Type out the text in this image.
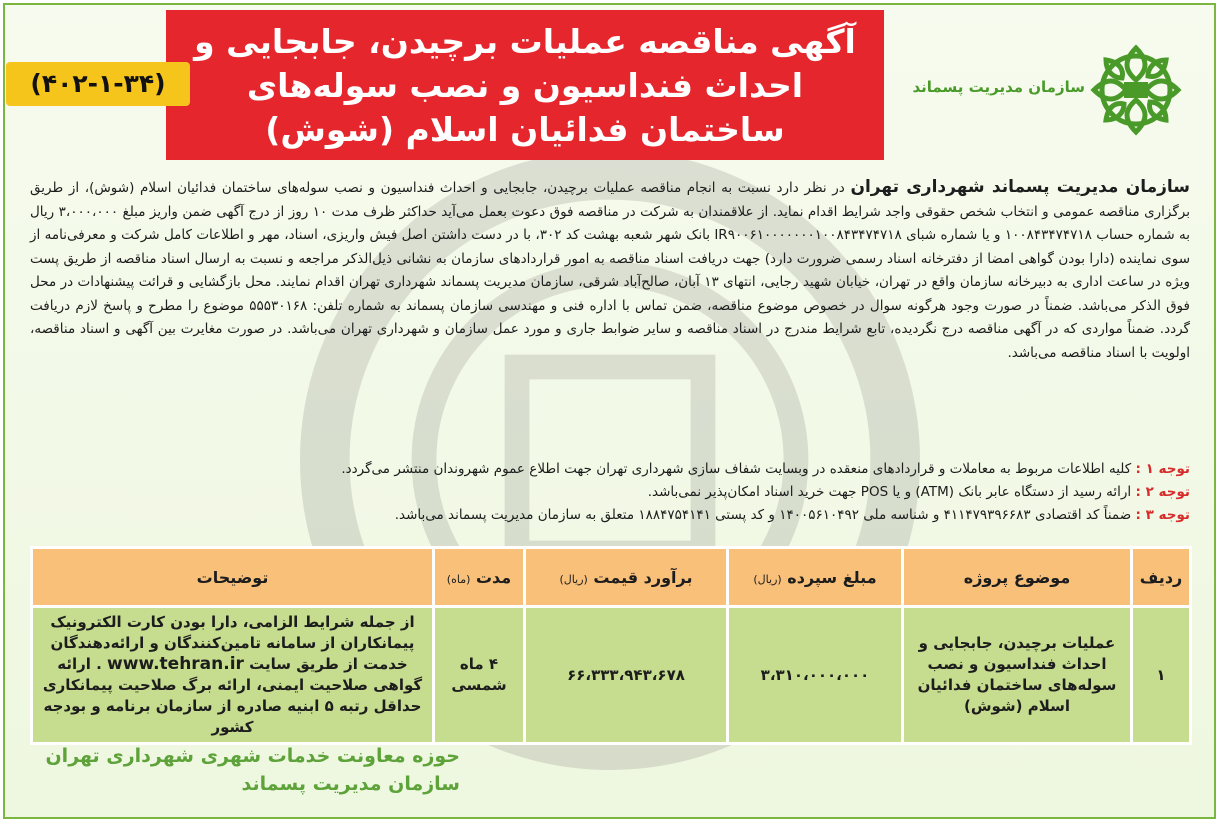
آگهی مناقصه عملیات برچیدن، جابجایی و
احداث فنداسیون و نصب سوله‌های
ساختمان فدائیان اسلام (شوش)
(۴۰۲-۱-۳۴)	سازمان مدیریت پسماند
سازمان مدیریت پسماند شهرداری تهران در نظر دارد نسبت به انجام مناقصه عملیات برچیدن، جابجایی و احداث فنداسیون و نصب سوله‌های ساختمان فدائیان اسلام (شوش)، از طریق برگزاری مناقصه عمومی و انتخاب شخص حقوقی واجد شرایط اقدام نماید. از علاقمندان به شرکت در مناقصه فوق دعوت بعمل می‌آید حداکثر ظرف مدت ۱۰ روز از درج آگهی ضمن واریز مبلغ ۳،۰۰۰،۰۰۰ ریال به شماره حساب ۱۰۰۸۴۳۴۷۴۷۱۸ و یا شماره شبای IR۹۰۰۶۱۰۰۰۰۰۰۰۱۰۰۸۴۳۴۷۴۷۱۸ بانک شهر شعبه بهشت کد ۳۰۲، با در دست داشتن اصل فیش واریزی، اسناد، مهر و اطلاعات کامل شرکت و معرفی‌نامه از سوی نماینده (دارا بودن گواهی امضا از دفترخانه اسناد رسمی ضرورت دارد) جهت دریافت اسناد مناقصه به امور قراردادهای سازمان به نشانی ذیل‌الذکر مراجعه و نسبت به ارسال اسناد مناقصه از طریق پست ویژه در ساعت اداری به دبیرخانه سازمان واقع در تهران، خیابان شهید رجایی، انتهای ۱۳ آبان، صالح‌آباد شرقی، سازمان مدیریت پسماند شهرداری تهران اقدام نمایند. محل بازگشایی و قرائت پیشنهادات در محل فوق الذکر می‌باشد. ضمناً در صورت وجود هرگونه سوال در خصوص موضوع مناقصه، ضمن تماس با اداره فنی و مهندسی سازمان پسماند به شماره تلفن: ۵۵۵۳۰۱۶۸ موضوع را مطرح و پاسخ لازم دریافت گردد. ضمناً مواردی که در آگهی مناقصه درج نگردیده، تابع شرایط مندرج در اسناد مناقصه و سایر ضوابط جاری و مورد عمل سازمان و شهرداری تهران می‌باشد. در صورت مغایرت بین آگهی و اسناد مناقصه، اولویت با اسناد مناقصه می‌باشد.
توجه ۱ : کلیه اطلاعات مربوط به معاملات و قراردادهای منعقده در وبسایت شفاف سازی شهرداری تهران جهت اطلاع عموم شهروندان منتشر می‌گردد.
توجه ۲ : ارائه رسید از دستگاه عابر بانک (ATM) و یا POS جهت خرید اسناد امکان‌پذیر نمی‌باشد.
توجه ۳ : ضمناً کد اقتصادی ۴۱۱۴۷۹۳۹۶۶۸۳ و شناسه ملی ۱۴۰۰۵۶۱۰۴۹۲ و کد پستی ۱۸۸۴۷۵۴۱۴۱ متعلق به سازمان مدیریت پسماند می‌باشد.
ردیف	موضوع پروژه	مبلغ سپرده (ریال)	برآورد قیمت (ریال)	مدت (ماه)	توضیحات
۱	عملیات برچیدن، جابجایی و احداث فنداسیون و نصب سوله‌های ساختمان فدائیان اسلام (شوش)	۳،۳۱۰،۰۰۰،۰۰۰	۶۶،۳۳۳،۹۴۳،۶۷۸	۴ ماه شمسی	از جمله شرایط الزامی، دارا بودن کارت الکترونیک پیمانکاران از سامانه تامین‌کنندگان و ارائه‌دهندگان خدمت از طریق سایت www.tehran.ir . ارائه گواهی صلاحیت ایمنی، ارائه برگ صلاحیت پیمانکاری حداقل رتبه ۵ ابنیه صادره از سازمان برنامه و بودجه کشور
حوزه معاونت خدمات شهری شهرداری تهران
سازمان مدیریت پسماند
